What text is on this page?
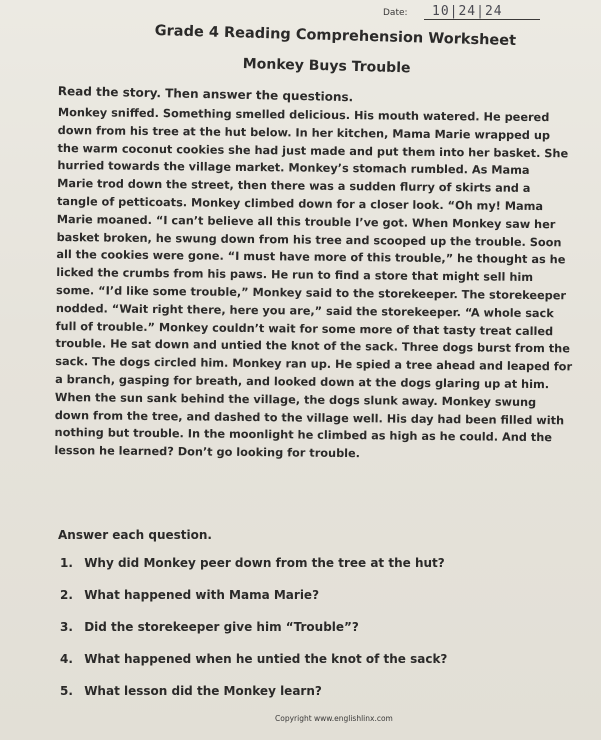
Date:	10|24|24
Grade 4 Reading Comprehension Worksheet
Monkey Buys Trouble
Read the story. Then answer the questions.

Monkey sniffed. Something smelled delicious. His mouth watered. He peered
down from his tree at the hut below. In her kitchen, Mama Marie wrapped up
the warm coconut cookies she had just made and put them into her basket. She
hurried towards the village market. Monkey’s stomach rumbled. As Mama
Marie trod down the street, then there was a sudden flurry of skirts and a
tangle of petticoats. Monkey climbed down for a closer look. “Oh my! Mama
Marie moaned. “I can’t believe all this trouble I’ve got. When Monkey saw her
basket broken, he swung down from his tree and scooped up the trouble. Soon
all the cookies were gone. “I must have more of this trouble,” he thought as he
licked the crumbs from his paws. He run to find a store that might sell him
some. “I’d like some trouble,” Monkey said to the storekeeper. The storekeeper
nodded. “Wait right there, here you are,” said the storekeeper. “A whole sack
full of trouble.” Monkey couldn’t wait for some more of that tasty treat called
trouble. He sat down and untied the knot of the sack. Three dogs burst from the
sack. The dogs circled him. Monkey ran up. He spied a tree ahead and leaped for
a branch, gasping for breath, and looked down at the dogs glaring up at him.
When the sun sank behind the village, the dogs slunk away. Monkey swung
down from the tree, and dashed to the village well. His day had been filled with
nothing but trouble. In the moonlight he climbed as high as he could. And the
lesson he learned? Don’t go looking for trouble.

Answer each question.
1. Why did Monkey peer down from the tree at the hut?
2. What happened with Mama Marie?
3. Did the storekeeper give him “Trouble”?
4. What happened when he untied the knot of the sack?
5. What lesson did the Monkey learn?
Copyright www.englishlinx.com
